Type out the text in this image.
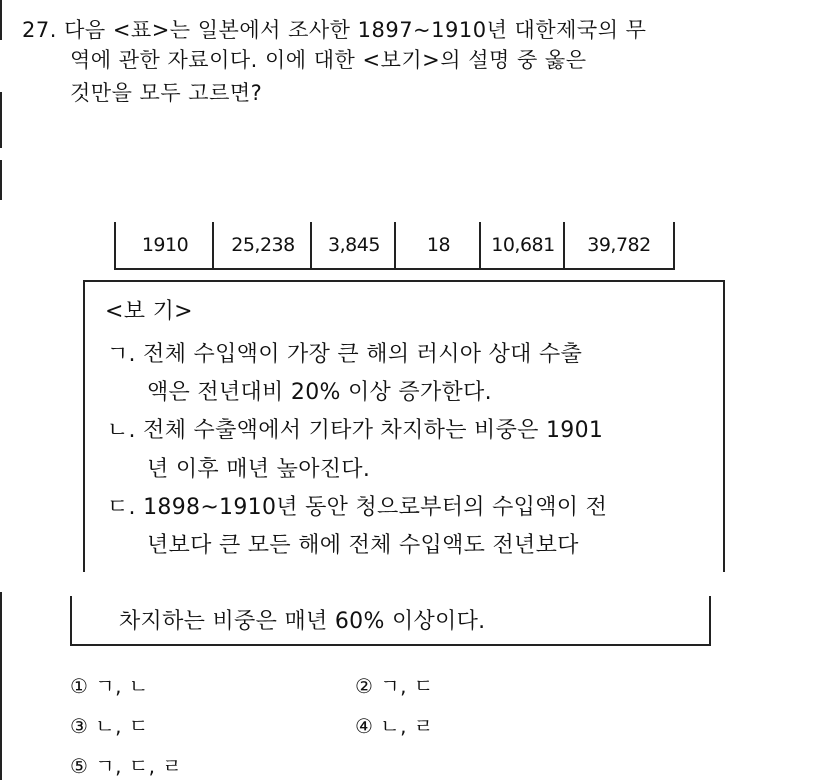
27. 다음 <표>는 일본에서 조사한 1897~1910년 대한제국의 무
역에 관한 자료이다. 이에 대한 <보기>의 설명 중 옳은
것만을 모두 고르면?
1910	25,238	3,845	18	10,681	39,782
<보 기>
ㄱ. 전체 수입액이 가장 큰 해의 러시아 상대 수출
액은 전년대비 20% 이상 증가한다.
ㄴ. 전체 수출액에서 기타가 차지하는 비중은 1901
년 이후 매년 높아진다.
ㄷ. 1898~1910년 동안 청으로부터의 수입액이 전
년보다 큰 모든 해에 전체 수입액도 전년보다
차지하는 비중은 매년 60% 이상이다.
① ㄱ, ㄴ	② ㄱ, ㄷ
③ ㄴ, ㄷ	④ ㄴ, ㄹ
⑤ ㄱ, ㄷ, ㄹ
